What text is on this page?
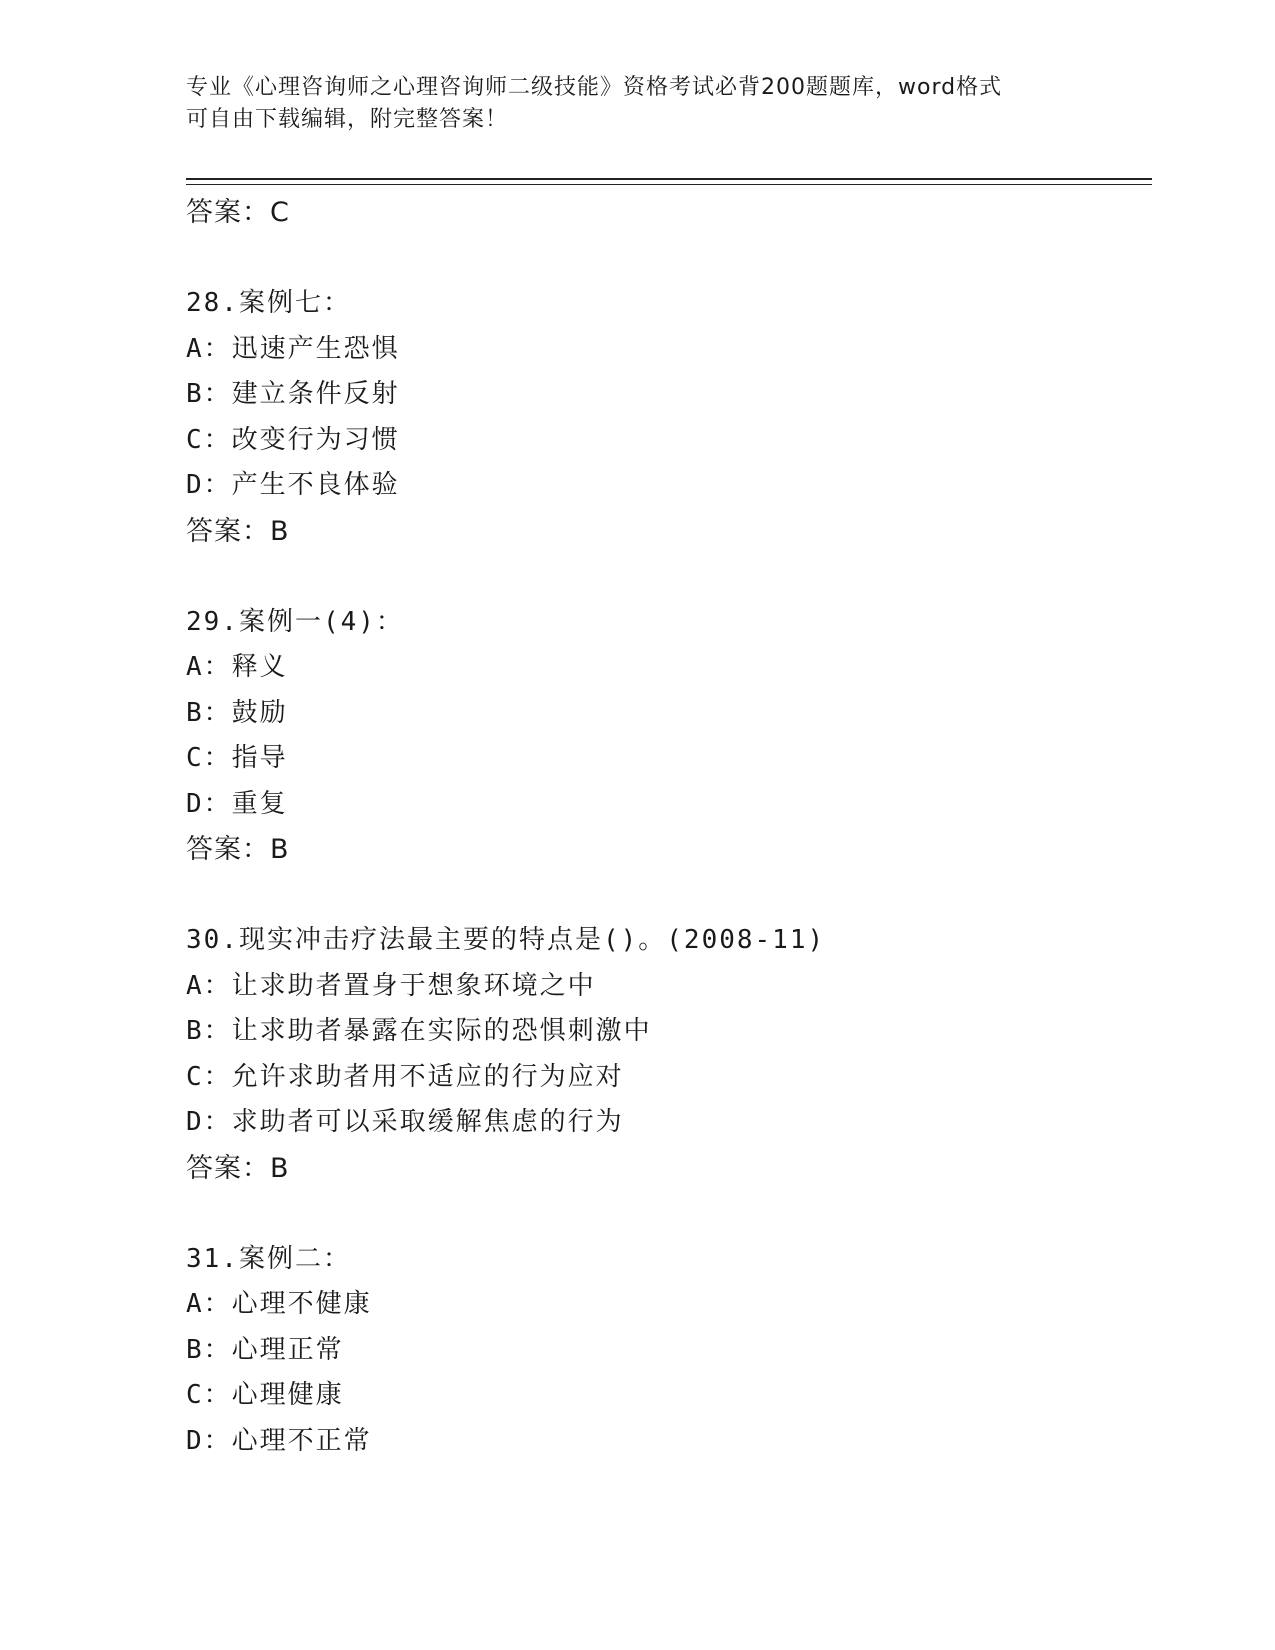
专业《心理咨询师之心理咨询师二级技能》资格考试必背200题题库，word格式
可自由下载编辑，附完整答案！
答案：C
28.案例七：
A：迅速产生恐惧
B：建立条件反射
C：改变行为习惯
D：产生不良体验
答案：B
29.案例一(4)：
A：释义
B：鼓励
C：指导
D：重复
答案：B
30.现实冲击疗法最主要的特点是()。(2008-11)
A：让求助者置身于想象环境之中
B：让求助者暴露在实际的恐惧刺激中
C：允许求助者用不适应的行为应对
D：求助者可以采取缓解焦虑的行为
答案：B
31.案例二：
A：心理不健康
B：心理正常
C：心理健康
D：心理不正常
